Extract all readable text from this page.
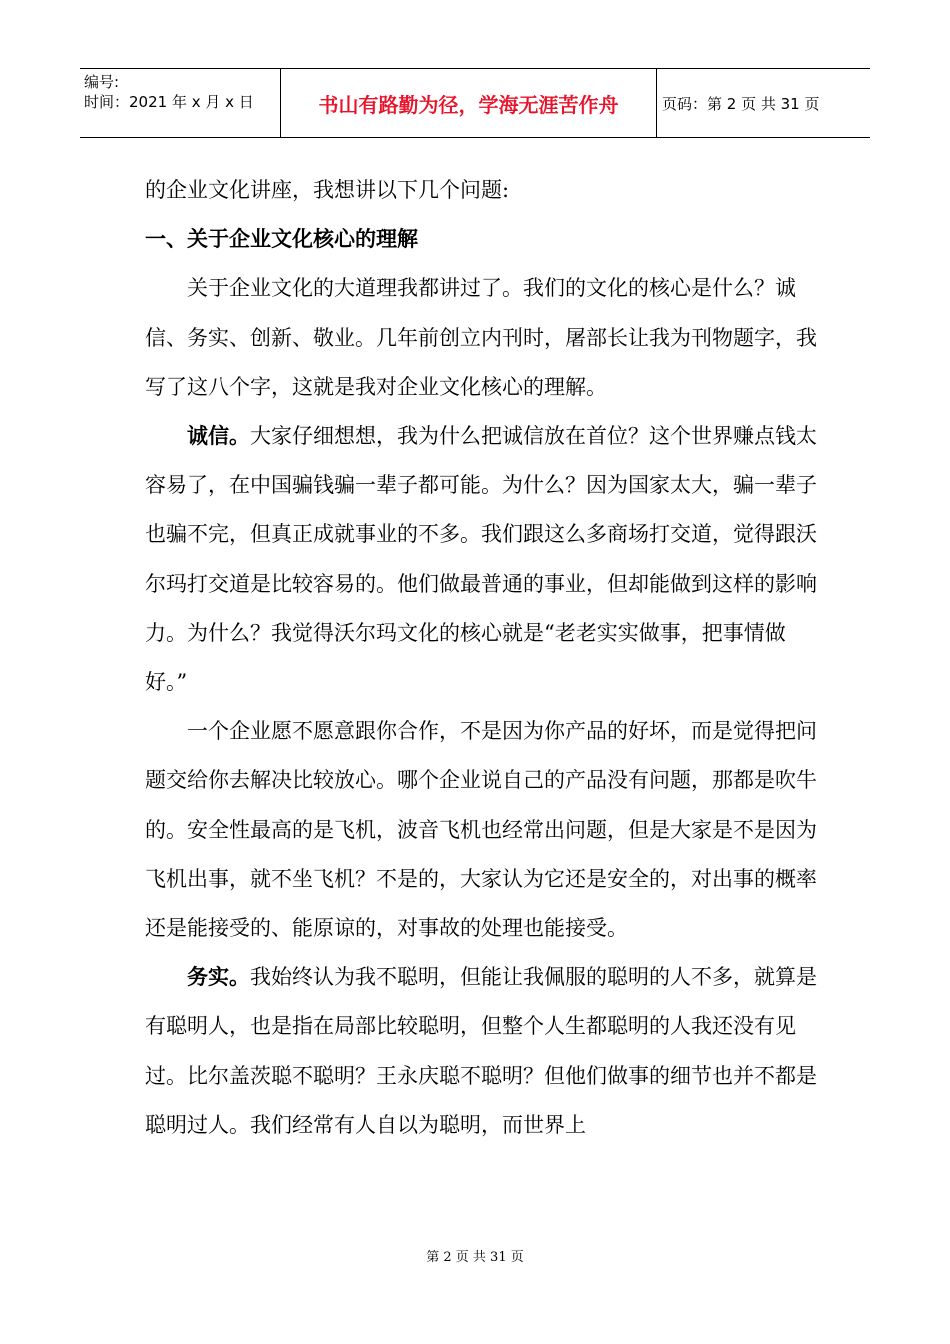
编号:
时间：2021 年 x 月 x 日	书山有路勤为径，学海无涯苦作舟	页码：第 2 页 共 31 页

的企业文化讲座，我想讲以下几个问题:

一、关于企业文化核心的理解

关于企业文化的大道理我都讲过了。我们的文化的核心是什么？诚信、务实、创新、敬业。几年前创立内刊时，屠部长让我为刊物题字，我写了这八个字，这就是我对企业文化核心的理解。

诚信。大家仔细想想，我为什么把诚信放在首位？这个世界赚点钱太容易了，在中国骗钱骗一辈子都可能。为什么？因为国家太大，骗一辈子也骗不完，但真正成就事业的不多。我们跟这么多商场打交道，觉得跟沃尔玛打交道是比较容易的。他们做最普通的事业，但却能做到这样的影响力。为什么？我觉得沃尔玛文化的核心就是“老老实实做事，把事情做好。”

一个企业愿不愿意跟你合作，不是因为你产品的好坏，而是觉得把问题交给你去解决比较放心。哪个企业说自己的产品没有问题，那都是吹牛的。安全性最高的是飞机，波音飞机也经常出问题，但是大家是不是因为飞机出事，就不坐飞机？不是的，大家认为它还是安全的，对出事的概率还是能接受的、能原谅的，对事故的处理也能接受。

务实。我始终认为我不聪明，但能让我佩服的聪明的人不多，就算是有聪明人，也是指在局部比较聪明，但整个人生都聪明的人我还没有见过。比尔盖茨聪不聪明？王永庆聪不聪明？但他们做事的细节也并不都是聪明过人。我们经常有人自以为聪明，而世界上

第 2 页 共 31 页
